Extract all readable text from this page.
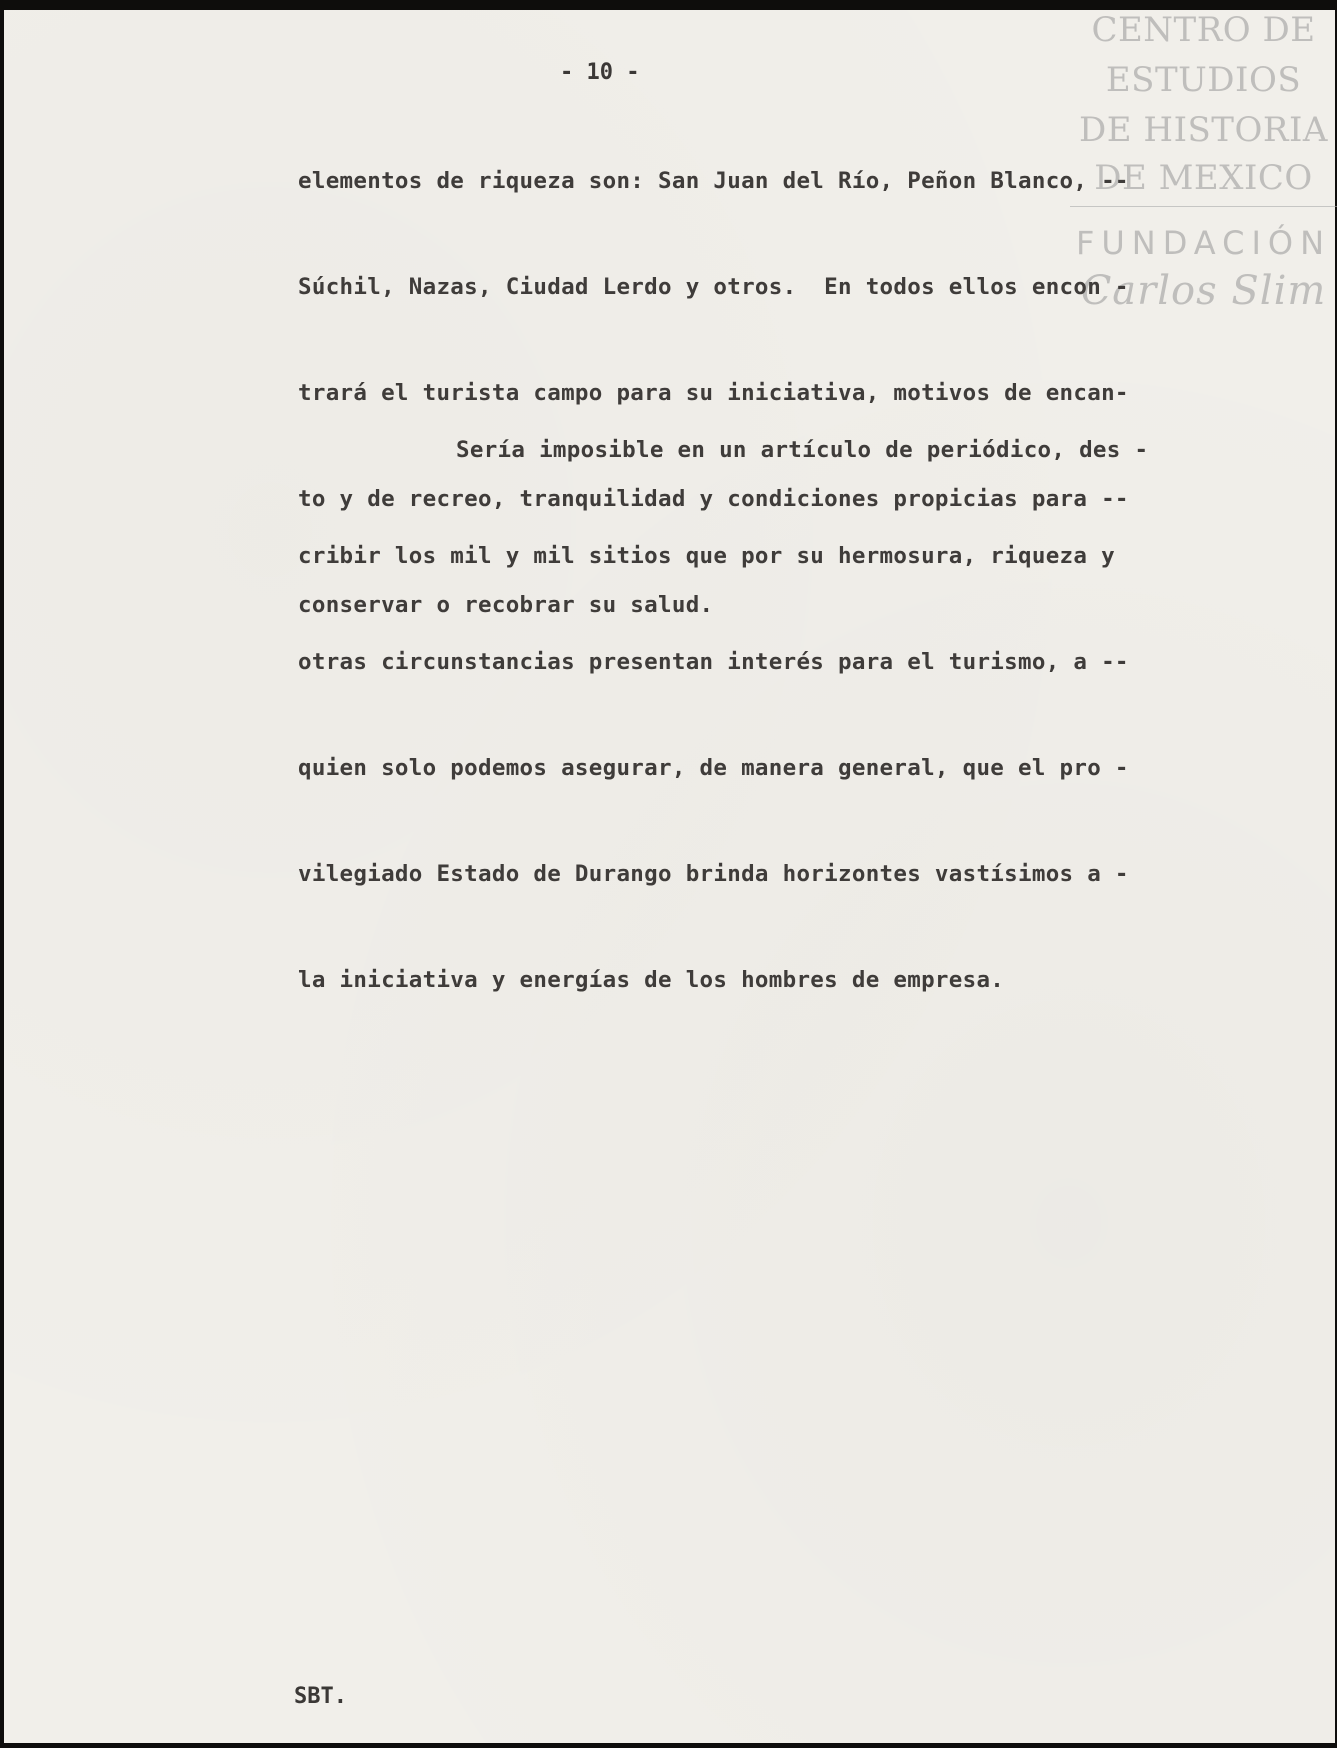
CENTRO DE
ESTUDIOS
DE HISTORIA
DE MEXICO
FUNDACIÓN
Carlos Slim
- 10 -

elementos de riqueza son: San Juan del Río, Peñon Blanco, --

Súchil, Nazas, Ciudad Lerdo y otros.  En todos ellos encon -

trará el turista campo para su iniciativa, motivos de encan-

to y de recreo, tranquilidad y condiciones propicias para --

conservar o recobrar su salud.

Sería imposible en un artículo de periódico, des -

cribir los mil y mil sitios que por su hermosura, riqueza y

otras circunstancias presentan interés para el turismo, a --

quien solo podemos asegurar, de manera general, que el pro -

vilegiado Estado de Durango brinda horizontes vastísimos a -

la iniciativa y energías de los hombres de empresa.

SBT.
